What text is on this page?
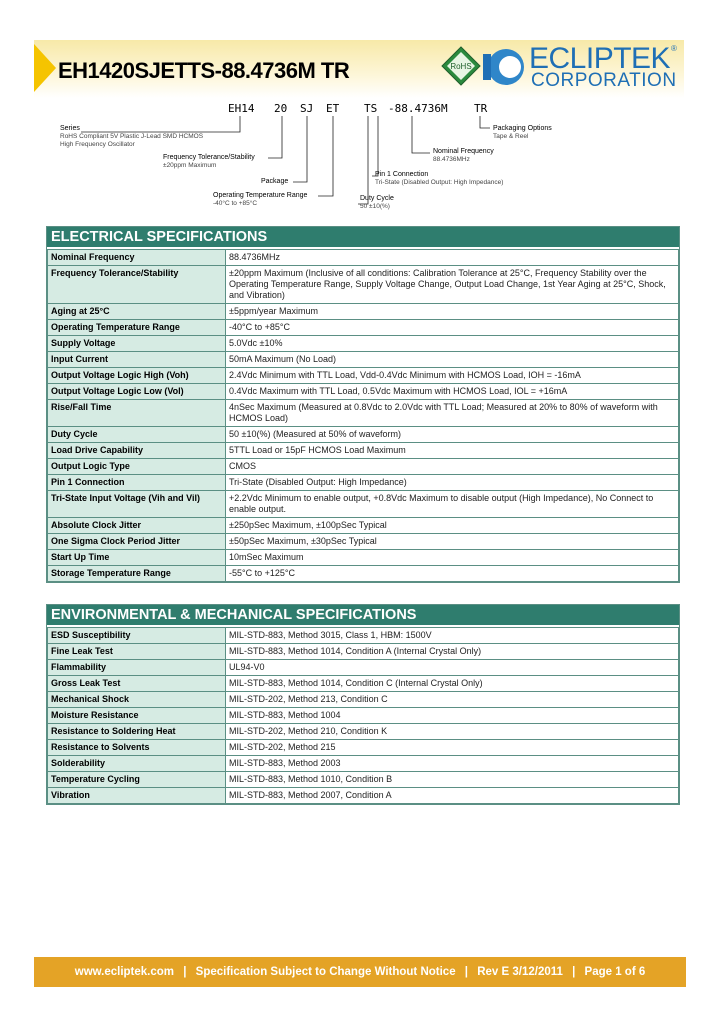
EH1420SJETTS-88.4736M TR	RoHS ECLIPTEK ®
CORPORATION
EH14 20 SJ ET TS -88.4736M TR
Series
RoHS Compliant 5V Plastic J-Lead SMD HCMOS
High Frequency Oscillator
Frequency Tolerance/Stability
±20ppm Maximum
Package
Operating Temperature Range
-40°C to +85°C
Packaging Options
Tape & Reel
Nominal Frequency
88.4736MHz
Pin 1 Connection
Tri-State (Disabled Output: High Impedance)
Duty Cycle
50 ±10(%)
ELECTRICAL SPECIFICATIONS
Nominal Frequency	88.4736MHz
Frequency Tolerance/Stability	±20ppm Maximum (Inclusive of all conditions: Calibration Tolerance at 25°C, Frequency Stability over the Operating Temperature Range, Supply Voltage Change, Output Load Change, 1st Year Aging at 25°C, Shock, and Vibration)
Aging at 25°C	±5ppm/year Maximum
Operating Temperature Range	-40°C to +85°C
Supply Voltage	5.0Vdc ±10%
Input Current	50mA Maximum (No Load)
Output Voltage Logic High (Voh)	2.4Vdc Minimum with TTL Load, Vdd-0.4Vdc Minimum with HCMOS Load, IOH = -16mA
Output Voltage Logic Low (Vol)	0.4Vdc Maximum with TTL Load, 0.5Vdc Maximum with HCMOS Load, IOL = +16mA
Rise/Fall Time	4nSec Maximum (Measured at 0.8Vdc to 2.0Vdc with TTL Load; Measured at 20% to 80% of waveform with HCMOS Load)
Duty Cycle	50 ±10(%) (Measured at 50% of waveform)
Load Drive Capability	5TTL Load or 15pF HCMOS Load Maximum
Output Logic Type	CMOS
Pin 1 Connection	Tri-State (Disabled Output: High Impedance)
Tri-State Input Voltage (Vih and Vil)	+2.2Vdc Minimum to enable output, +0.8Vdc Maximum to disable output (High Impedance), No Connect to enable output.
Absolute Clock Jitter	±250pSec Maximum, ±100pSec Typical
One Sigma Clock Period Jitter	±50pSec Maximum, ±30pSec Typical
Start Up Time	10mSec Maximum
Storage Temperature Range	-55°C to +125°C
ENVIRONMENTAL & MECHANICAL SPECIFICATIONS
ESD Susceptibility	MIL-STD-883, Method 3015, Class 1, HBM: 1500V
Fine Leak Test	MIL-STD-883, Method 1014, Condition A (Internal Crystal Only)
Flammability	UL94-V0
Gross Leak Test	MIL-STD-883, Method 1014, Condition C (Internal Crystal Only)
Mechanical Shock	MIL-STD-202, Method 213, Condition C
Moisture Resistance	MIL-STD-883, Method 1004
Resistance to Soldering Heat	MIL-STD-202, Method 210, Condition K
Resistance to Solvents	MIL-STD-202, Method 215
Solderability	MIL-STD-883, Method 2003
Temperature Cycling	MIL-STD-883, Method 1010, Condition B
Vibration	MIL-STD-883, Method 2007, Condition A
www.ecliptek.com | Specification Subject to Change Without Notice | Rev E 3/12/2011 | Page 1 of 6
